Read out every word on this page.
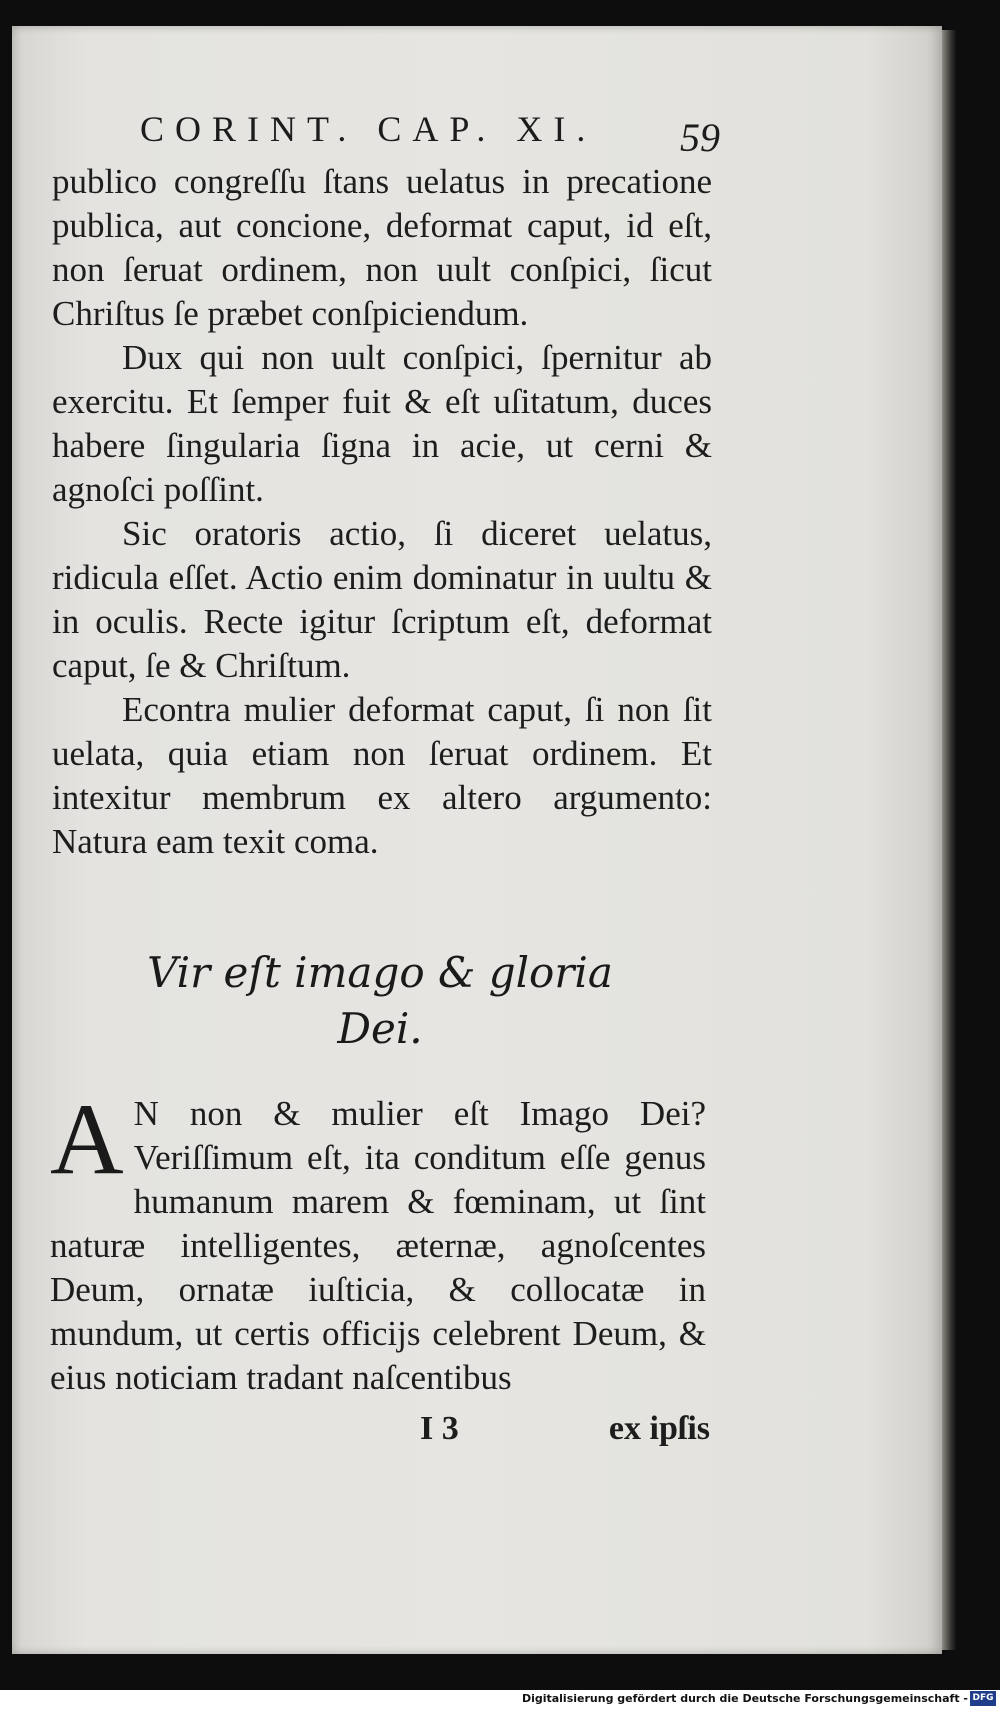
CORINT. CAP. XI.	59

publico congreſſu ſtans uelatus in precatione publica, aut concione, deformat caput, id eſt, non ſeruat ordinem, non uult conſpici, ſicut Chriſtus ſe præbet conſpiciendum.

Dux qui non uult conſpici, ſpernitur ab exercitu. Et ſemper fuit & eſt uſitatum, duces habere ſingularia ſigna in acie, ut cerni & agnoſci poſſint.

Sic oratoris actio, ſi diceret uelatus, ridicula eſſet. Actio enim dominatur in uultu & in oculis. Recte igitur ſcriptum eſt, deformat caput, ſe & Chriſtum.

Econtra mulier deformat caput, ſi non ſit uelata, quia etiam non ſeruat ordinem. Et intexitur membrum ex altero argumento: Natura eam texit coma.

Vir eſt imago & gloria
Dei.
A N non & mulier eſt Imago Dei? Veriſſimum eſt, ita conditum eſſe genus humanum marem & fœminam, ut ſint naturæ intelligentes, æternæ, agnoſcentes Deum, ornatæ iuſticia, & collocatæ in mundum, ut certis officijs celebrent Deum, & eius noticiam tradant naſcentibus
I 3	ex ipſis
Digitalisierung gefördert durch die Deutsche Forschungsgemeinschaft - DFG
